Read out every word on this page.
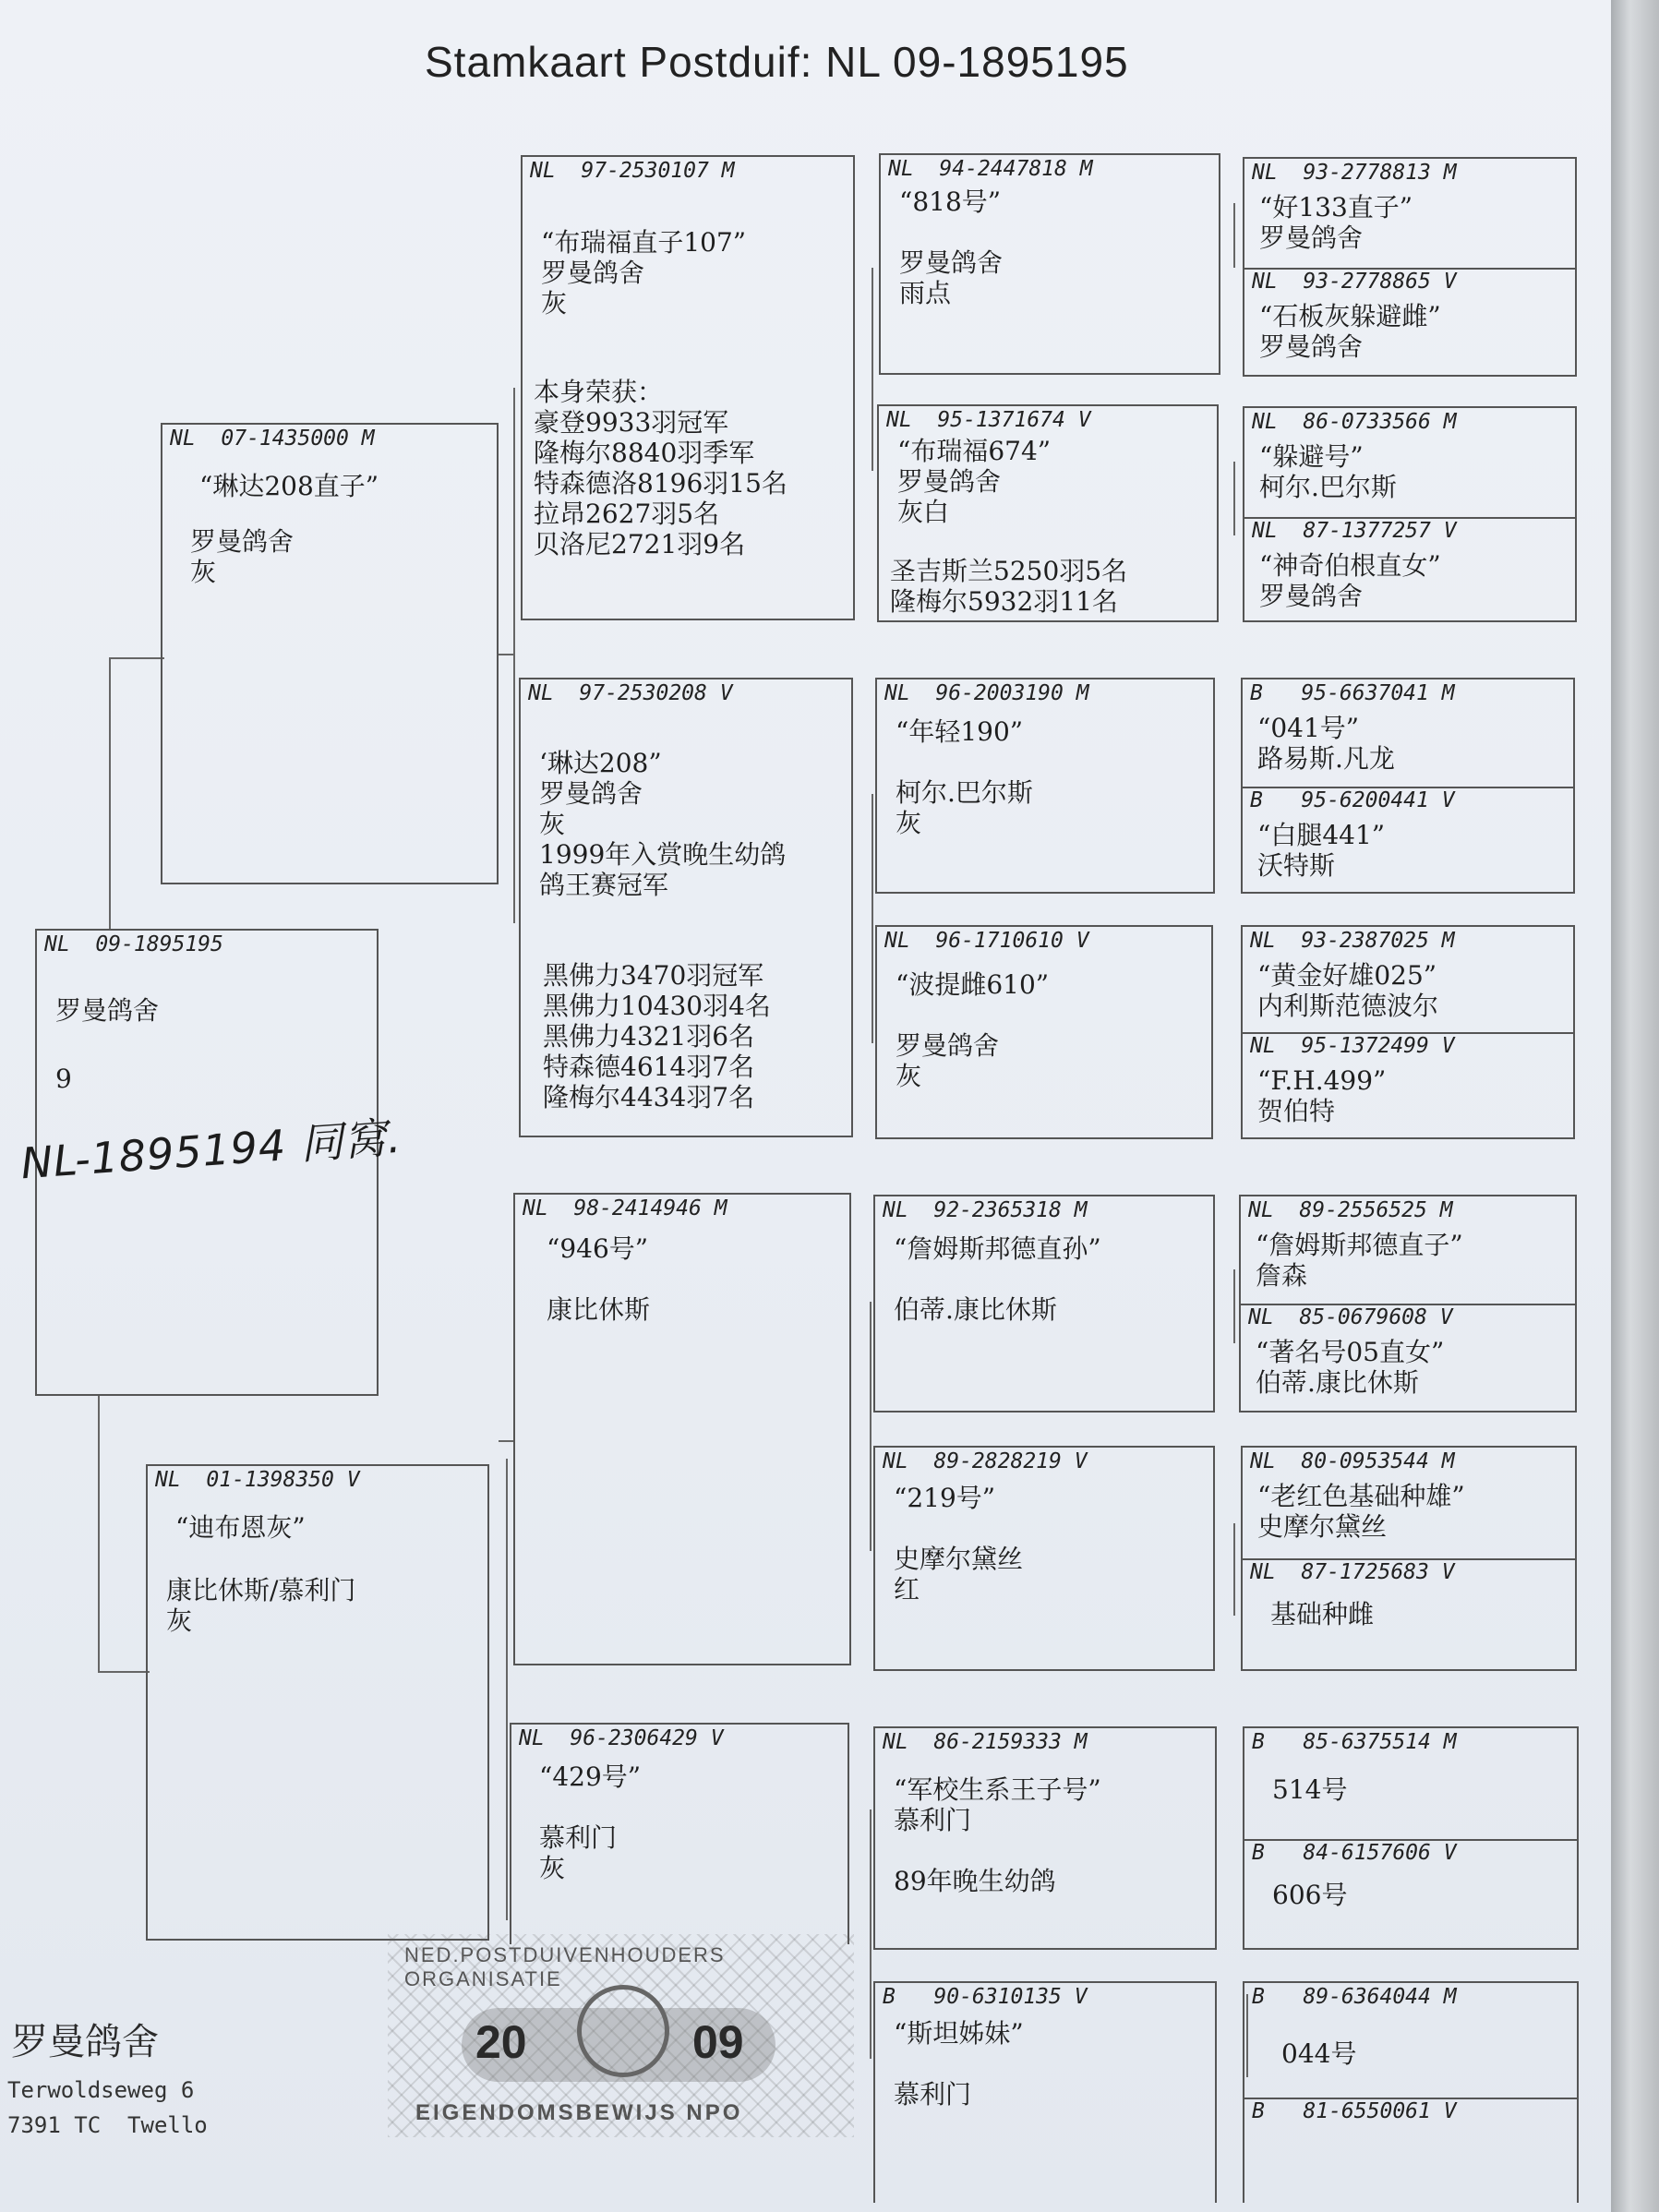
Stamkaart Postduif: NL 09-1895195
NL  09-1895195
罗曼鸽舍
9
NL-1895194 同窝.
NL  07-1435000 M
“琳达208直子”
罗曼鸽舍
灰
NL  01-1398350 V
“迪布恩灰”
康比休斯/慕利门
灰
NL  97-2530107 M
“布瑞福直子107”
罗曼鸽舍
灰
本身荣获：
豪登9933羽冠军
隆梅尔8840羽季军
特森德洛8196羽15名
拉昂2627羽5名
贝洛尼2721羽9名
NL  97-2530208 V
‘琳达208”
罗曼鸽舍
灰
1999年入赏晚生幼鸽
鸽王赛冠军
黑佛力3470羽冠军
黑佛力10430羽4名
黑佛力4321羽6名
特森德4614羽7名
隆梅尔4434羽7名
NL  98-2414946 M
“946号”

康比休斯
NL  96-2306429 V
“429号”

慕利门
灰
NL  94-2447818 M
“818号”

罗曼鸽舍
雨点
NL  95-1371674 V
“布瑞福674”
罗曼鸽舍
灰白
圣吉斯兰5250羽5名
隆梅尔5932羽11名
NL  96-2003190 M
“年轻190”

柯尔.巴尔斯
灰
NL  96-1710610 V
“波提雌610”

罗曼鸽舍
灰
NL  92-2365318 M
“詹姆斯邦德直孙”

伯蒂.康比休斯
NL  89-2828219 V
“219号”

史摩尔黛丝
红
NL  86-2159333 M
“军校生系王子号”
慕利门

89年晚生幼鸽
B   90-6310135 V
“斯坦姊妹”

慕利门
NL  93-2778813 M
“好133直子”
罗曼鸽舍
NL  93-2778865 V
“石板灰躲避雌”
罗曼鸽舍
NL  86-0733566 M
“躲避号”
柯尔.巴尔斯
NL  87-1377257 V
“神奇伯根直女”
罗曼鸽舍
B   95-6637041 M
“041号”
路易斯.凡龙
B   95-6200441 V
“白腿441”
沃特斯
NL  93-2387025 M
“黄金好雄025”
内利斯范德波尔
NL  95-1372499 V
“F.H.499”
贺伯特
NL  89-2556525 M
“詹姆斯邦德直子”
詹森
NL  85-0679608 V
“著名号05直女”
伯蒂.康比休斯
NL  80-0953544 M
“老红色基础种雄”
史摩尔黛丝
NL  87-1725683 V
基础种雌
B   85-6375514 M
514号
B   84-6157606 V
606号
B   89-6364044 M
044号
B   81-6550061 V
罗曼鸽舍
Terwoldseweg 6
7391 TC  Twello
NED.POSTDUIVENHOUDERS ORGANISATIE
20	09
EIGENDOMSBEWIJS NPO
